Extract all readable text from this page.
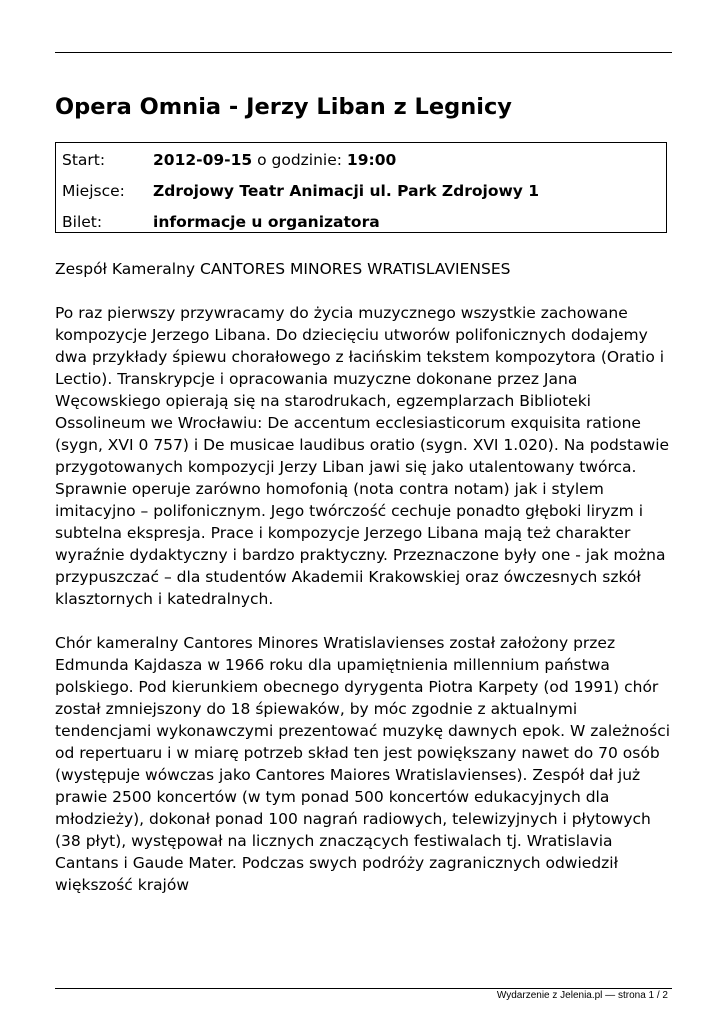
Opera Omnia - Jerzy Liban z Legnicy
Start:	2012-09-15 o godzinie: 19:00
Miejsce: Zdrojowy Teatr Animacji ul. Park Zdrojowy 1
Bilet:	informacje u organizatora

Zespół Kameralny CANTORES MINORES WRATISLAVIENSES

Po raz pierwszy przywracamy do życia muzycznego wszystkie zachowane kompozycje Jerzego Libana. Do dziecięciu utworów polifonicznych dodajemy dwa przykłady śpiewu chorałowego z łacińskim tekstem kompozytora (Oratio i Lectio). Transkrypcje i opracowania muzyczne dokonane przez Jana Węcowskiego opierają się na starodrukach, egzemplarzach Biblioteki Ossolineum we Wrocławiu: De accentum ecclesiasticorum exquisita ratione (sygn, XVI 0 757) i De musicae laudibus oratio (sygn. XVI 1.020). Na podstawie przygotowanych kompozycji Jerzy Liban jawi się jako utalentowany twórca. Sprawnie operuje zarówno homofonią (nota contra notam) jak i stylem imitacyjno – polifonicznym. Jego twórczość cechuje ponadto głęboki liryzm i subtelna ekspresja. Prace i kompozycje Jerzego Libana mają też charakter wyraźnie dydaktyczny i bardzo praktyczny. Przeznaczone były one - jak można przypuszczać – dla studentów Akademii Krakowskiej oraz ówczesnych szkół klasztornych i katedralnych.

Chór kameralny Cantores Minores Wratislavienses został założony przez Edmunda Kajdasza w 1966 roku dla upamiętnienia millennium państwa polskiego. Pod kierunkiem obecnego dyrygenta Piotra Karpety (od 1991) chór został zmniejszony do 18 śpiewaków, by móc zgodnie z aktualnymi tendencjami wykonawczymi prezentować muzykę dawnych epok. W zależności od repertuaru i w miarę potrzeb skład ten jest powiększany nawet do 70 osób (występuje wówczas jako Cantores Maiores Wratislavienses). Zespół dał już prawie 2500 koncertów (w tym ponad 500 koncertów edukacyjnych dla młodzieży), dokonał ponad 100 nagrań radiowych, telewizyjnych i płytowych (38 płyt), występował na licznych znaczących festiwalach tj. Wratislavia Cantans i Gaude Mater. Podczas swych podróży zagranicznych odwiedził większość krajów

Wydarzenie z Jelenia.pl — strona 1 / 2
